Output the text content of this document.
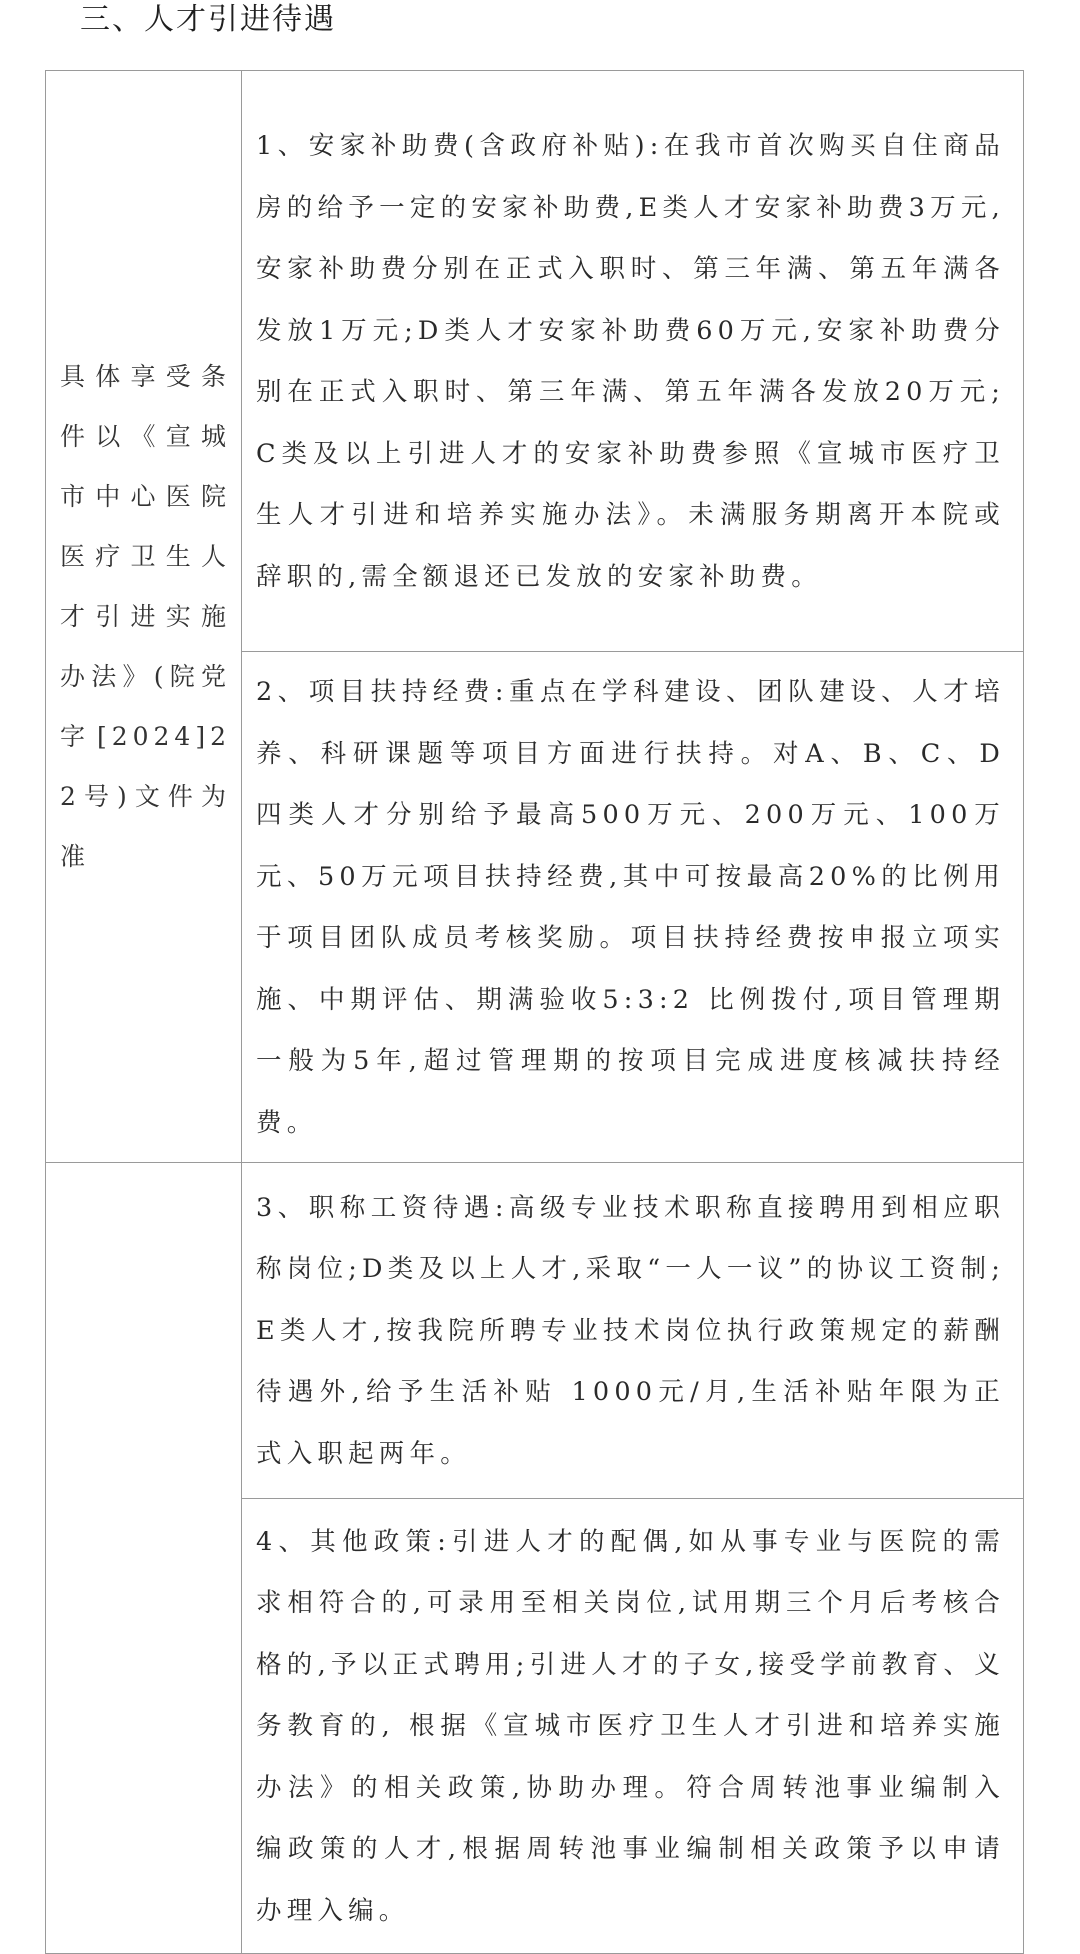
三、人才引进待遇
具体享受条件以《宣城市中心医院医疗卫生人才引进实施办法》(院党字[2024]22号)文件为准	1、安家补助费(含政府补贴):在我市首次购买自住商品房的给予一定的安家补助费,E类人才安家补助费3万元,安家补助费分别在正式入职时、第三年满、第五年满各发放1万元;D类人才安家补助费60万元,安家补助费分别在正式入职时、第三年满、第五年满各发放20万元;C类及以上引进人才的安家补助费参照《宣城市医疗卫生人才引进和培养实施办法》。未满服务期离开本院或辞职的,需全额退还已发放的安家补助费。

	2、项目扶持经费:重点在学科建设、团队建设、人才培养、科研课题等项目方面进行扶持。对A、B、C、D 四类人才分别给予最高500万元、200万元、100万元、50万元项目扶持经费,其中可按最高20%的比例用于项目团队成员考核奖励。项目扶持经费按申报立项实施、中期评估、期满验收5:3:2 比例拨付,项目管理期一般为5年,超过管理期的按项目完成进度核减扶持经费。

	3、职称工资待遇:高级专业技术职称直接聘用到相应职称岗位;D类及以上人才,采取“一人一议”的协议工资制;E类人才,按我院所聘专业技术岗位执行政策规定的薪酬待遇外,给予生活补贴 1000元/月,生活补贴年限为正式入职起两年。

	4、其他政策:引进人才的配偶,如从事专业与医院的需求相符合的,可录用至相关岗位,试用期三个月后考核合格的,予以正式聘用;引进人才的子女,接受学前教育、义务教育的, 根据《宣城市医疗卫生人才引进和培养实施办法》的相关政策,协助办理。符合周转池事业编制入编政策的人才,根据周转池事业编制相关政策予以申请办理入编。
